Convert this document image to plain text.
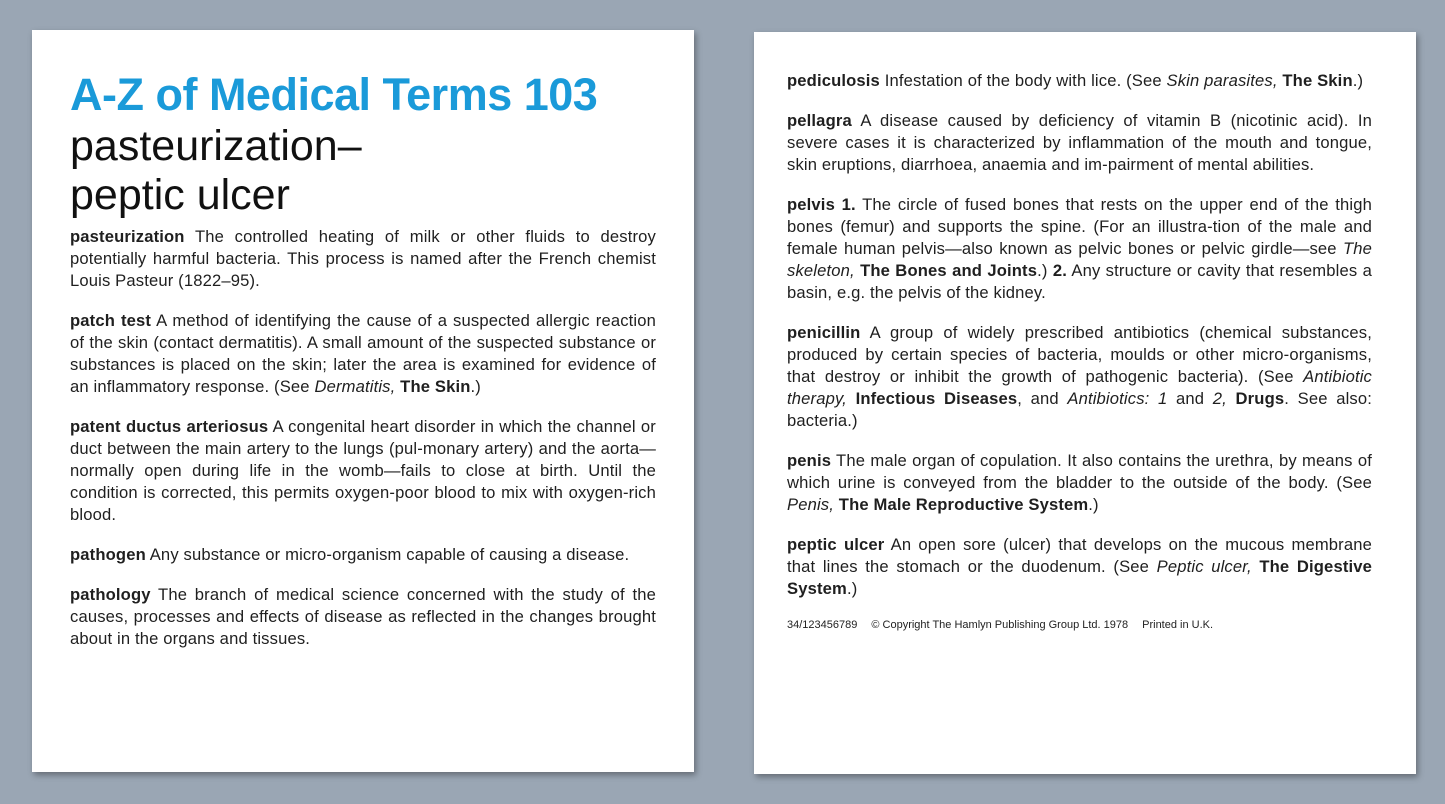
A-Z of Medical Terms 103
pasteurization–
peptic ulcer

pasteurization The controlled heating of milk or other fluids to destroy potentially harmful bacteria. This process is named after the French chemist Louis Pasteur (1822–95).

patch test A method of identifying the cause of a suspected allergic reaction of the skin (contact dermatitis). A small amount of the suspected substance or substances is placed on the skin; later the area is examined for evidence of an inflammatory response. (See Dermatitis, The Skin.)

patent ductus arteriosus A congenital heart disorder in which the channel or duct between the main artery to the lungs (pul-monary artery) and the aorta—normally open during life in the womb—fails to close at birth. Until the condition is corrected, this permits oxygen-poor blood to mix with oxygen-rich blood.

pathogen Any substance or micro-organism capable of causing a disease.

pathology The branch of medical science concerned with the study of the causes, processes and effects of disease as reflected in the changes brought about in the organs and tissues.

pediculosis Infestation of the body with lice. (See Skin parasites, The Skin.)

pellagra A disease caused by deficiency of vitamin B (nicotinic acid). In severe cases it is characterized by inflammation of the mouth and tongue, skin eruptions, diarrhoea, anaemia and im-pairment of mental abilities.

pelvis 1. The circle of fused bones that rests on the upper end of the thigh bones (femur) and supports the spine. (For an illustra-tion of the male and female human pelvis—also known as pelvic bones or pelvic girdle—see The skeleton, The Bones and Joints.) 2. Any structure or cavity that resembles a basin, e.g. the pelvis of the kidney.

penicillin A group of widely prescribed antibiotics (chemical substances, produced by certain species of bacteria, moulds or other micro-organisms, that destroy or inhibit the growth of pathogenic bacteria). (See Antibiotic therapy, Infectious Diseases, and Antibiotics: 1 and 2, Drugs. See also: bacteria.)

penis The male organ of copulation. It also contains the urethra, by means of which urine is conveyed from the bladder to the outside of the body. (See Penis, The Male Reproductive System.)

peptic ulcer An open sore (ulcer) that develops on the mucous membrane that lines the stomach or the duodenum. (See Peptic ulcer, The Digestive System.)

34/123456789 © Copyright The Hamlyn Publishing Group Ltd. 1978 Printed in U.K.
